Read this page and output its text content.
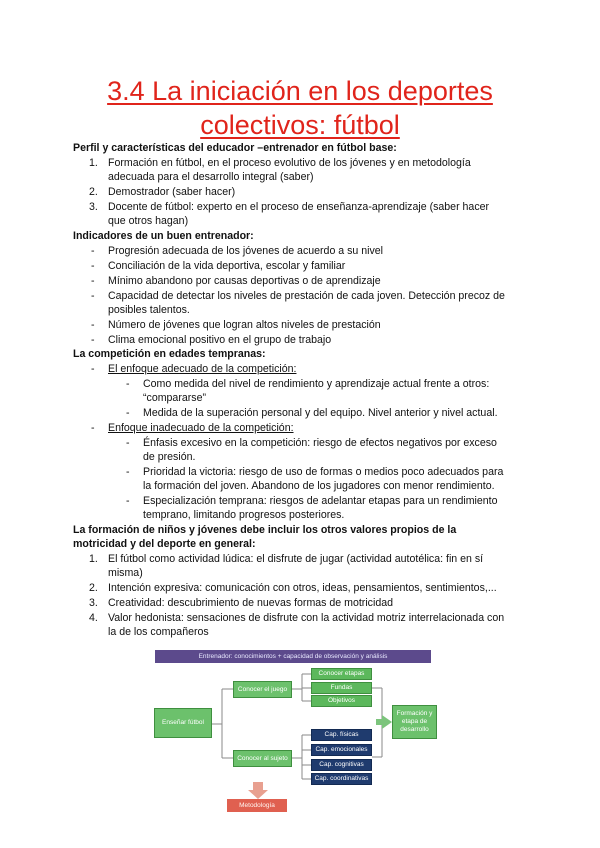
3.4 La iniciación en los deportes
colectivos: fútbol
Perfil y características del educador –entrenador en fútbol base:
1. Formación en fútbol, en el proceso evolutivo de los jóvenes y en metodología
adecuada para el desarrollo integral (saber)
2. Demostrador (saber hacer)
3. Docente de fútbol: experto en el proceso de enseñanza-aprendizaje (saber hacer
que otros hagan)
Indicadores de un buen entrenador:
- Progresión adecuada de los jóvenes de acuerdo a su nivel
- Conciliación de la vida deportiva, escolar y familiar
- Mínimo abandono por causas deportivas o de aprendizaje
- Capacidad de detectar los niveles de prestación de cada joven. Detección precoz de
posibles talentos.
- Número de jóvenes que logran altos niveles de prestación
- Clima emocional positivo en el grupo de trabajo
La competición en edades tempranas:
- El enfoque adecuado de la competición:
- Como medida del nivel de rendimiento y aprendizaje actual frente a otros:
“compararse”
- Medida de la superación personal y del equipo. Nivel anterior y nivel actual.
- Enfoque inadecuado de la competición:
- Énfasis excesivo en la competición: riesgo de efectos negativos por exceso
de presión.
- Prioridad la victoria: riesgo de uso de formas o medios poco adecuados para
la formación del joven. Abandono de los jugadores con menor rendimiento.
- Especialización temprana: riesgos de adelantar etapas para un rendimiento
temprano, limitando progresos posteriores.
La formación de niños y jóvenes debe incluir los otros valores propios de la
motricidad y del deporte en general:
1. El fútbol como actividad lúdica: el disfrute de jugar (actividad autotélica: fin en sí
misma)
2. Intención expresiva: comunicación con otros, ideas, pensamientos, sentimientos,...
3. Creatividad: descubrimiento de nuevas formas de motricidad
4. Valor hedonista: sensaciones de disfrute con la actividad motriz interrelacionada con
la de los compañeros
Entrenador: conocimientos + capacidad de observación y análisis
Enseñar fútbol
Conocer el juego
Conocer al sujeto
Conocer etapas
Fundas
Objetivos
Cap. físicas
Cap. emocionales
Cap. cognitivas
Cap. coordinativas
Formación y etapa de desarrollo
Metodología
